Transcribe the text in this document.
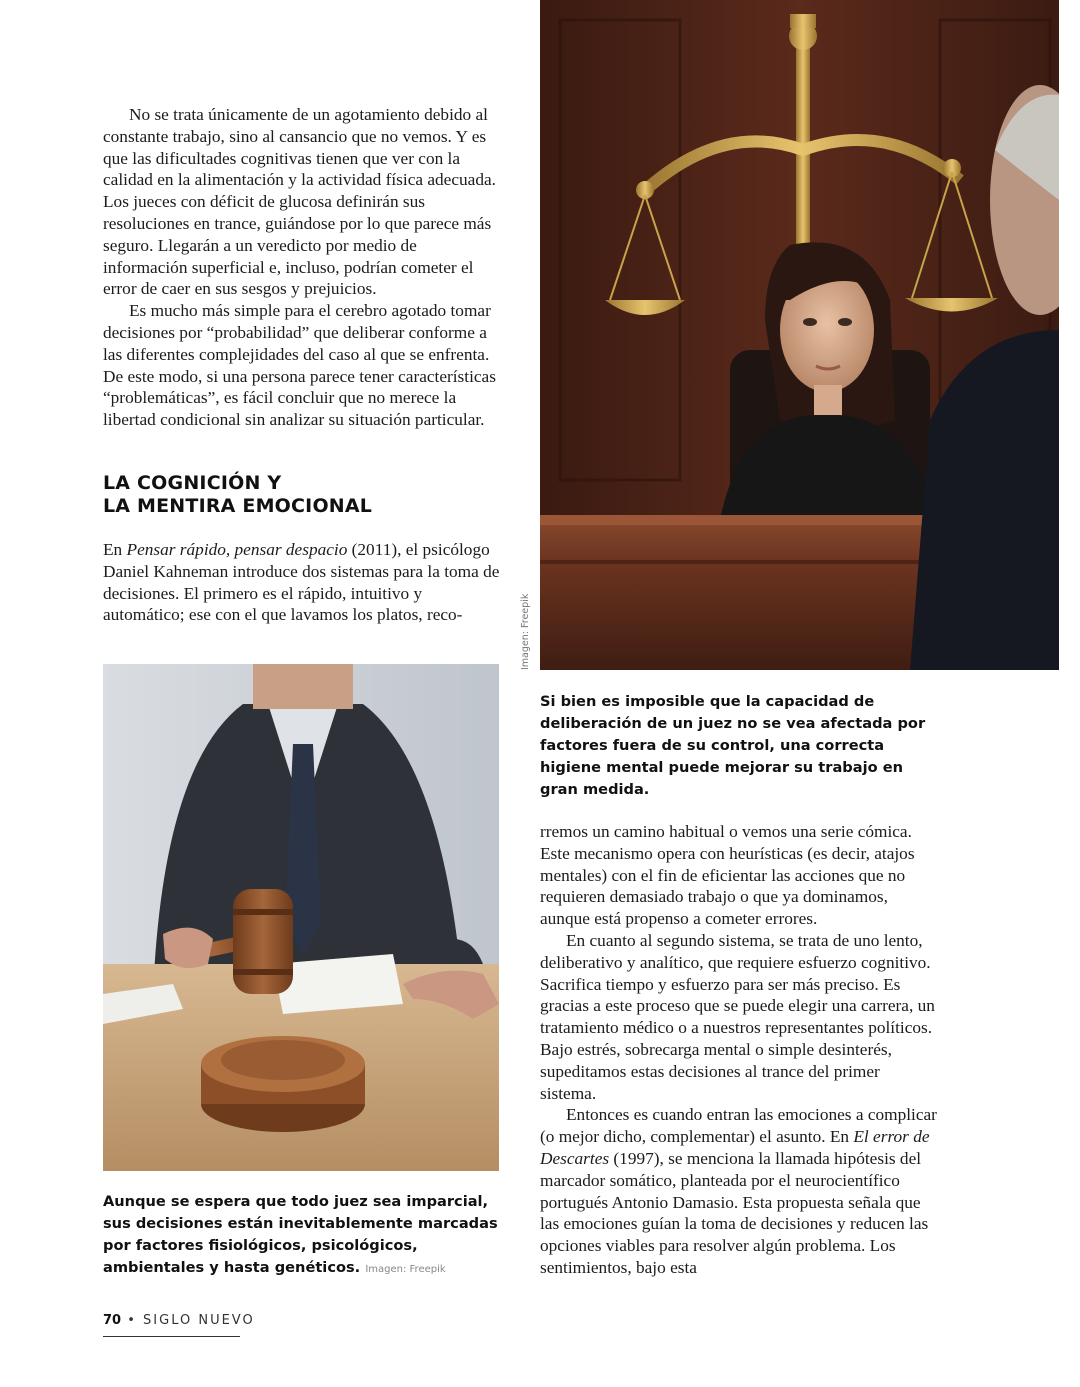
No se trata únicamente de un agotamiento debido al constante trabajo, sino al cansancio que no vemos. Y es que las dificultades cognitivas tienen que ver con la calidad en la alimentación y la actividad física adecuada. Los jueces con déficit de glucosa definirán sus resoluciones en trance, guiándose por lo que parece más seguro. Llegarán a un veredicto por medio de información superficial e, incluso, podrían cometer el error de caer en sus sesgos y prejuicios.

Es mucho más simple para el cerebro agotado tomar decisiones por “probabilidad” que deliberar conforme a las diferentes complejidades del caso al que se enfrenta. De este modo, si una persona parece tener características “problemáticas”, es fácil concluir que no merece la libertad condicional sin analizar su situación particular.

LA COGNICIÓN Y
LA MENTIRA EMOCIONAL

En Pensar rápido, pensar despacio (2011), el psicólogo Daniel Kahneman introduce dos sistemas para la toma de decisiones. El primero es el rápido, intuitivo y automático; ese con el que lavamos los platos, reco-	Imagen: Freepik

Si bien es imposible que la capacidad de deliberación de un juez no se vea afectada por factores fuera de su control, una correcta higiene mental puede mejorar su trabajo en gran medida.

Aunque se espera que todo juez sea imparcial, sus decisiones están inevitablemente marcadas por factores fisiológicos, psicológicos, ambientales y hasta genéticos. Imagen: Freepik

rremos un camino habitual o vemos una serie cómica. Este mecanismo opera con heurísticas (es decir, atajos mentales) con el fin de eficientar las acciones que no requieren demasiado trabajo o que ya dominamos, aunque está propenso a cometer errores.

En cuanto al segundo sistema, se trata de uno lento, deliberativo y analítico, que requiere esfuerzo cognitivo. Sacrifica tiempo y esfuerzo para ser más preciso. Es gracias a este proceso que se puede elegir una carrera, un tratamiento médico o a nuestros representantes políticos. Bajo estrés, sobrecarga mental o simple desinterés, supeditamos estas decisiones al trance del primer sistema.

Entonces es cuando entran las emociones a complicar (o mejor dicho, complementar) el asunto. En El error de Descartes (1997), se menciona la llamada hipótesis del marcador somático, planteada por el neurocientífico portugués Antonio Damasio. Esta propuesta señala que las emociones guían la toma de decisiones y reducen las opciones viables para resolver algún problema. Los sentimientos, bajo esta

70 • SIGLO NUEVO
